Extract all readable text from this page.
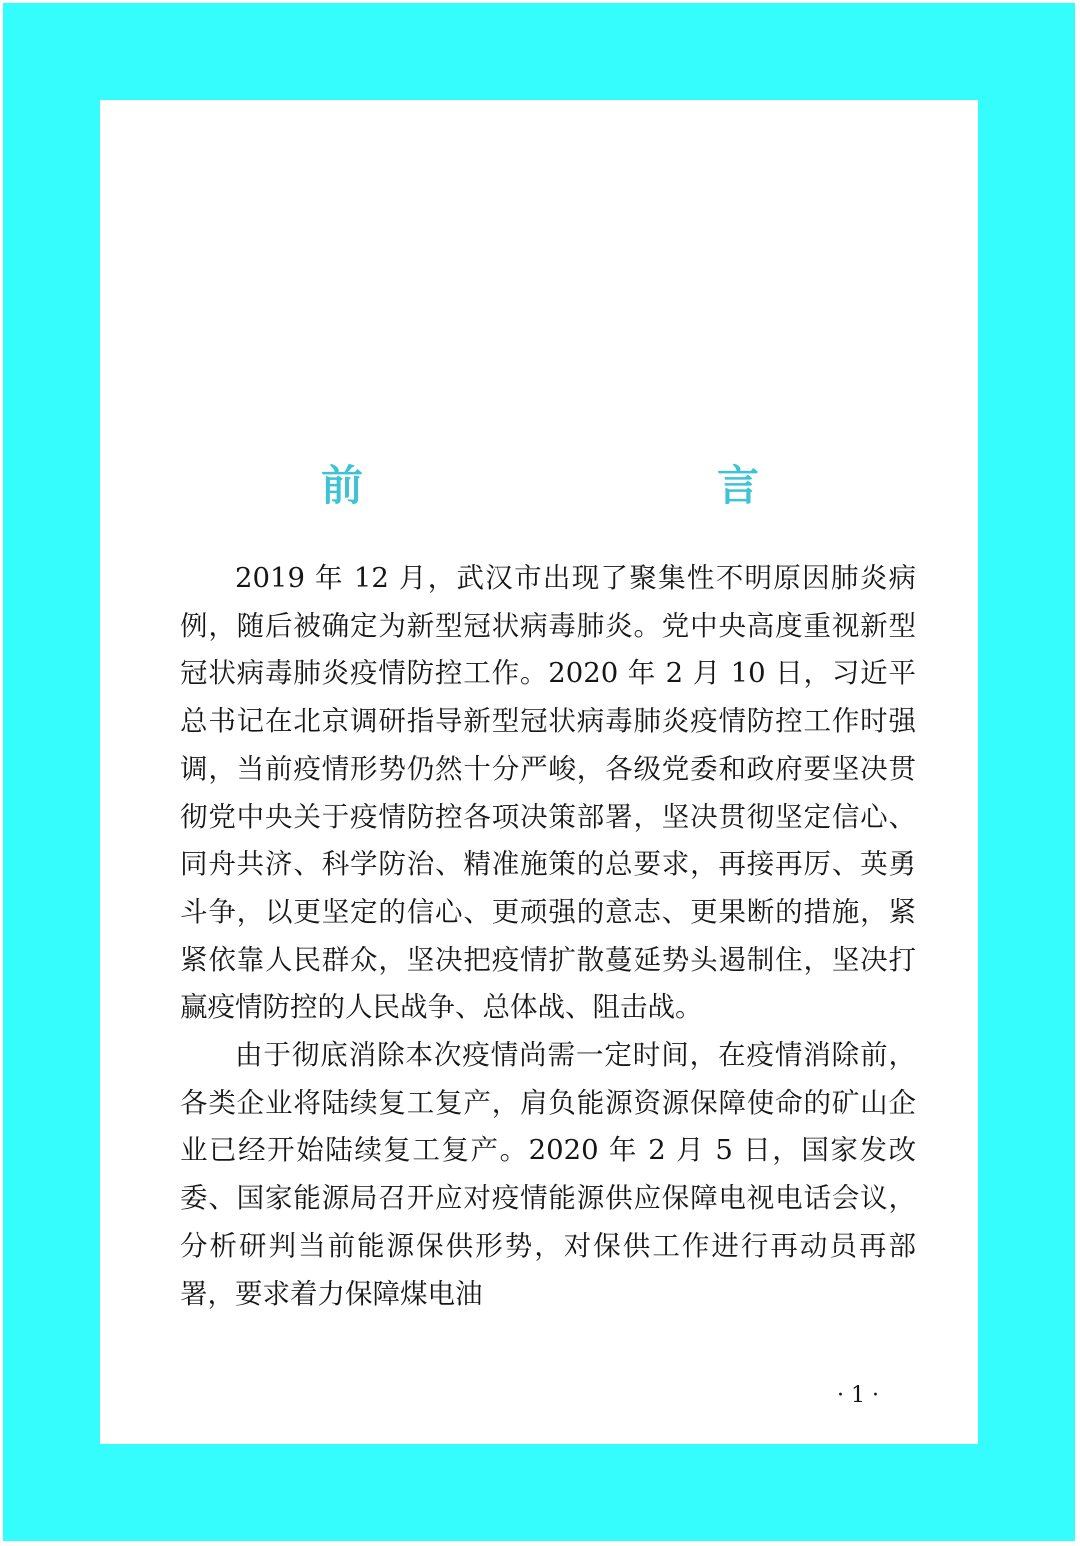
前　　言

2019 年 12 月，武汉市出现了聚集性不明原因肺炎病例，随后被确定为新型冠状病毒肺炎。党中央高度重视新型冠状病毒肺炎疫情防控工作。2020 年 2 月 10 日，习近平总书记在北京调研指导新型冠状病毒肺炎疫情防控工作时强调，当前疫情形势仍然十分严峻，各级党委和政府要坚决贯彻党中央关于疫情防控各项决策部署，坚决贯彻坚定信心、同舟共济、科学防治、精准施策的总要求，再接再厉、英勇斗争，以更坚定的信心、更顽强的意志、更果断的措施，紧紧依靠人民群众，坚决把疫情扩散蔓延势头遏制住，坚决打赢疫情防控的人民战争、总体战、阻击战。

由于彻底消除本次疫情尚需一定时间，在疫情消除前，各类企业将陆续复工复产，肩负能源资源保障使命的矿山企业已经开始陆续复工复产。2020 年 2 月 5 日，国家发改委、国家能源局召开应对疫情能源供应保障电视电话会议，分析研判当前能源保供形势，对保供工作进行再动员再部署，要求着力保障煤电油

· 1 ·
